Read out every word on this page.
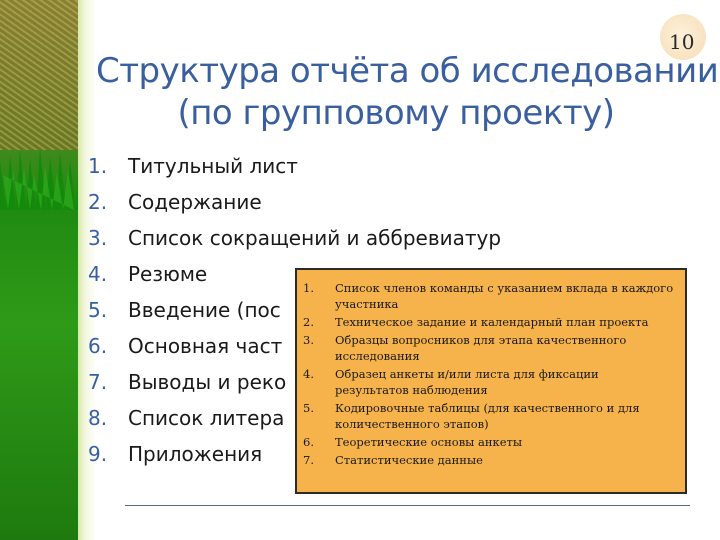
10
Структура отчёта об исследовании
(по групповому проекту)
1. Титульный лист
2. Содержание
3. Список сокращений и аббревиатур
4. Резюме
5. Введение (пос
6. Основная част
7. Выводы и реко
8. Список литера
9. Приложения
1.	Список членов команды с указанием вклада в каждого участника
2.	Техническое задание и календарный план проекта
3.	Образцы вопросников для этапа качественного исследования
4.	Образец анкеты и/или листа для фиксации результатов наблюдения
5.	Кодировочные таблицы (для качественного и для количественного этапов)
6.	Теоретические основы анкеты
7.	Статистические данные
